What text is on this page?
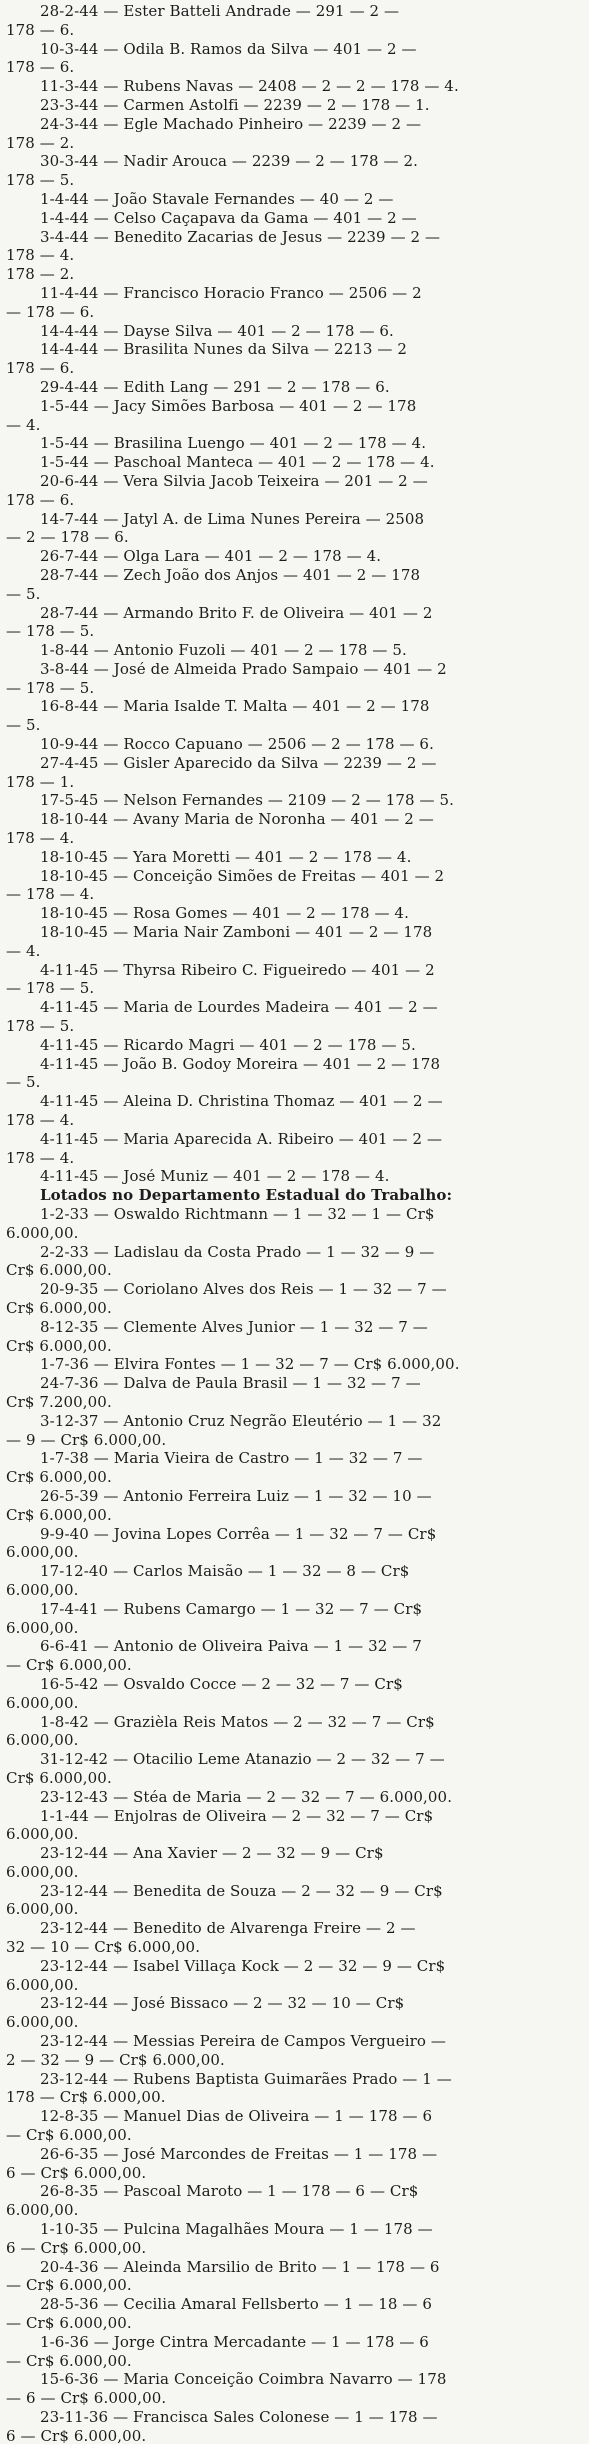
28-2-44 — Ester Batteli Andrade — 291 — 2 —
178 — 6.
10-3-44 — Odila B. Ramos da Silva — 401 — 2 —
178 — 6.
11-3-44 — Rubens Navas — 2408 — 2 — 2 — 178 — 4.
23-3-44 — Carmen Astolfi — 2239 — 2 — 178 — 1.
24-3-44 — Egle Machado Pinheiro — 2239 — 2 —
178 — 2.
30-3-44 — Nadir Arouca — 2239 — 2 — 178 — 2.
178 — 5.
1-4-44 — João Stavale Fernandes — 40 — 2 —
1-4-44 — Celso Caçapava da Gama — 401 — 2 —
3-4-44 — Benedito Zacarias de Jesus — 2239 — 2 —
178 — 4.
178 — 2.
11-4-44 — Francisco Horacio Franco — 2506 — 2
— 178 — 6.
14-4-44 — Dayse Silva — 401 — 2 — 178 — 6.
14-4-44 — Brasilita Nunes da Silva — 2213 — 2
178 — 6.
29-4-44 — Edith Lang — 291 — 2 — 178 — 6.
1-5-44 — Jacy Simões Barbosa — 401 — 2 — 178
— 4.
1-5-44 — Brasilina Luengo — 401 — 2 — 178 — 4.
1-5-44 — Paschoal Manteca — 401 — 2 — 178 — 4.
20-6-44 — Vera Silvia Jacob Teixeira — 201 — 2 —
178 — 6.
14-7-44 — Jatyl A. de Lima Nunes Pereira — 2508
— 2 — 178 — 6.
26-7-44 — Olga Lara — 401 — 2 — 178 — 4.
28-7-44 — Zech João dos Anjos — 401 — 2 — 178
— 5.
28-7-44 — Armando Brito F. de Oliveira — 401 — 2
— 178 — 5.
1-8-44 — Antonio Fuzoli — 401 — 2 — 178 — 5.
3-8-44 — José de Almeida Prado Sampaio — 401 — 2
— 178 — 5.
16-8-44 — Maria Isalde T. Malta — 401 — 2 — 178
— 5.
10-9-44 — Rocco Capuano — 2506 — 2 — 178 — 6.
27-4-45 — Gisler Aparecido da Silva — 2239 — 2 —
178 — 1.
17-5-45 — Nelson Fernandes — 2109 — 2 — 178 — 5.
18-10-44 — Avany Maria de Noronha — 401 — 2 —
178 — 4.
18-10-45 — Yara Moretti — 401 — 2 — 178 — 4.
18-10-45 — Conceição Simões de Freitas — 401 — 2
— 178 — 4.
18-10-45 — Rosa Gomes — 401 — 2 — 178 — 4.
18-10-45 — Maria Nair Zamboni — 401 — 2 — 178
— 4.
4-11-45 — Thyrsa Ribeiro C. Figueiredo — 401 — 2
— 178 — 5.
4-11-45 — Maria de Lourdes Madeira — 401 — 2 —
178 — 5.
4-11-45 — Ricardo Magri — 401 — 2 — 178 — 5.
4-11-45 — João B. Godoy Moreira — 401 — 2 — 178
— 5.
4-11-45 — Aleina D. Christina Thomaz — 401 — 2 —
178 — 4.
4-11-45 — Maria Aparecida A. Ribeiro — 401 — 2 —
178 — 4.
4-11-45 — José Muniz — 401 — 2 — 178 — 4.
Lotados no Departamento Estadual do Trabalho:
1-2-33 — Oswaldo Richtmann — 1 — 32 — 1 — Cr$
6.000,00.
2-2-33 — Ladislau da Costa Prado — 1 — 32 — 9 —
Cr$ 6.000,00.
20-9-35 — Coriolano Alves dos Reis — 1 — 32 — 7 —
Cr$ 6.000,00.
8-12-35 — Clemente Alves Junior — 1 — 32 — 7 —
Cr$ 6.000,00.
1-7-36 — Elvira Fontes — 1 — 32 — 7 — Cr$ 6.000,00.
24-7-36 — Dalva de Paula Brasil — 1 — 32 — 7 —
Cr$ 7.200,00.
3-12-37 — Antonio Cruz Negrão Eleutério — 1 — 32
— 9 — Cr$ 6.000,00.
1-7-38 — Maria Vieira de Castro — 1 — 32 — 7 —
Cr$ 6.000,00.
26-5-39 — Antonio Ferreira Luiz — 1 — 32 — 10 —
Cr$ 6.000,00.
9-9-40 — Jovina Lopes Corrêa — 1 — 32 — 7 — Cr$
6.000,00.
17-12-40 — Carlos Maisão — 1 — 32 — 8 — Cr$
6.000,00.
17-4-41 — Rubens Camargo — 1 — 32 — 7 — Cr$
6.000,00.
6-6-41 — Antonio de Oliveira Paiva — 1 — 32 — 7
— Cr$ 6.000,00.
16-5-42 — Osvaldo Cocce — 2 — 32 — 7 — Cr$
6.000,00.
1-8-42 — Grazièla Reis Matos — 2 — 32 — 7 — Cr$
6.000,00.
31-12-42 — Otacilio Leme Atanazio — 2 — 32 — 7 —
Cr$ 6.000,00.
23-12-43 — Stéa de Maria — 2 — 32 — 7 — 6.000,00.
1-1-44 — Enjolras de Oliveira — 2 — 32 — 7 — Cr$
6.000,00.
23-12-44 — Ana Xavier — 2 — 32 — 9 — Cr$
6.000,00.
23-12-44 — Benedita de Souza — 2 — 32 — 9 — Cr$
6.000,00.
23-12-44 — Benedito de Alvarenga Freire — 2 —
32 — 10 — Cr$ 6.000,00.
23-12-44 — Isabel Villaça Kock — 2 — 32 — 9 — Cr$
6.000,00.
23-12-44 — José Bissaco — 2 — 32 — 10 — Cr$
6.000,00.
23-12-44 — Messias Pereira de Campos Vergueiro —
2 — 32 — 9 — Cr$ 6.000,00.
23-12-44 — Rubens Baptista Guimarães Prado — 1 —
178 — Cr$ 6.000,00.
12-8-35 — Manuel Dias de Oliveira — 1 — 178 — 6
— Cr$ 6.000,00.
26-6-35 — José Marcondes de Freitas — 1 — 178 —
6 — Cr$ 6.000,00.
26-8-35 — Pascoal Maroto — 1 — 178 — 6 — Cr$
6.000,00.
1-10-35 — Pulcina Magalhães Moura — 1 — 178 —
6 — Cr$ 6.000,00.
20-4-36 — Aleinda Marsilio de Brito — 1 — 178 — 6
— Cr$ 6.000,00.
28-5-36 — Cecilia Amaral Fellsberto — 1 — 18 — 6
— Cr$ 6.000,00.
1-6-36 — Jorge Cintra Mercadante — 1 — 178 — 6
— Cr$ 6.000,00.
15-6-36 — Maria Conceição Coimbra Navarro — 178
— 6 — Cr$ 6.000,00.
23-11-36 — Francisca Sales Colonese — 1 — 178 —
6 — Cr$ 6.000,00.
